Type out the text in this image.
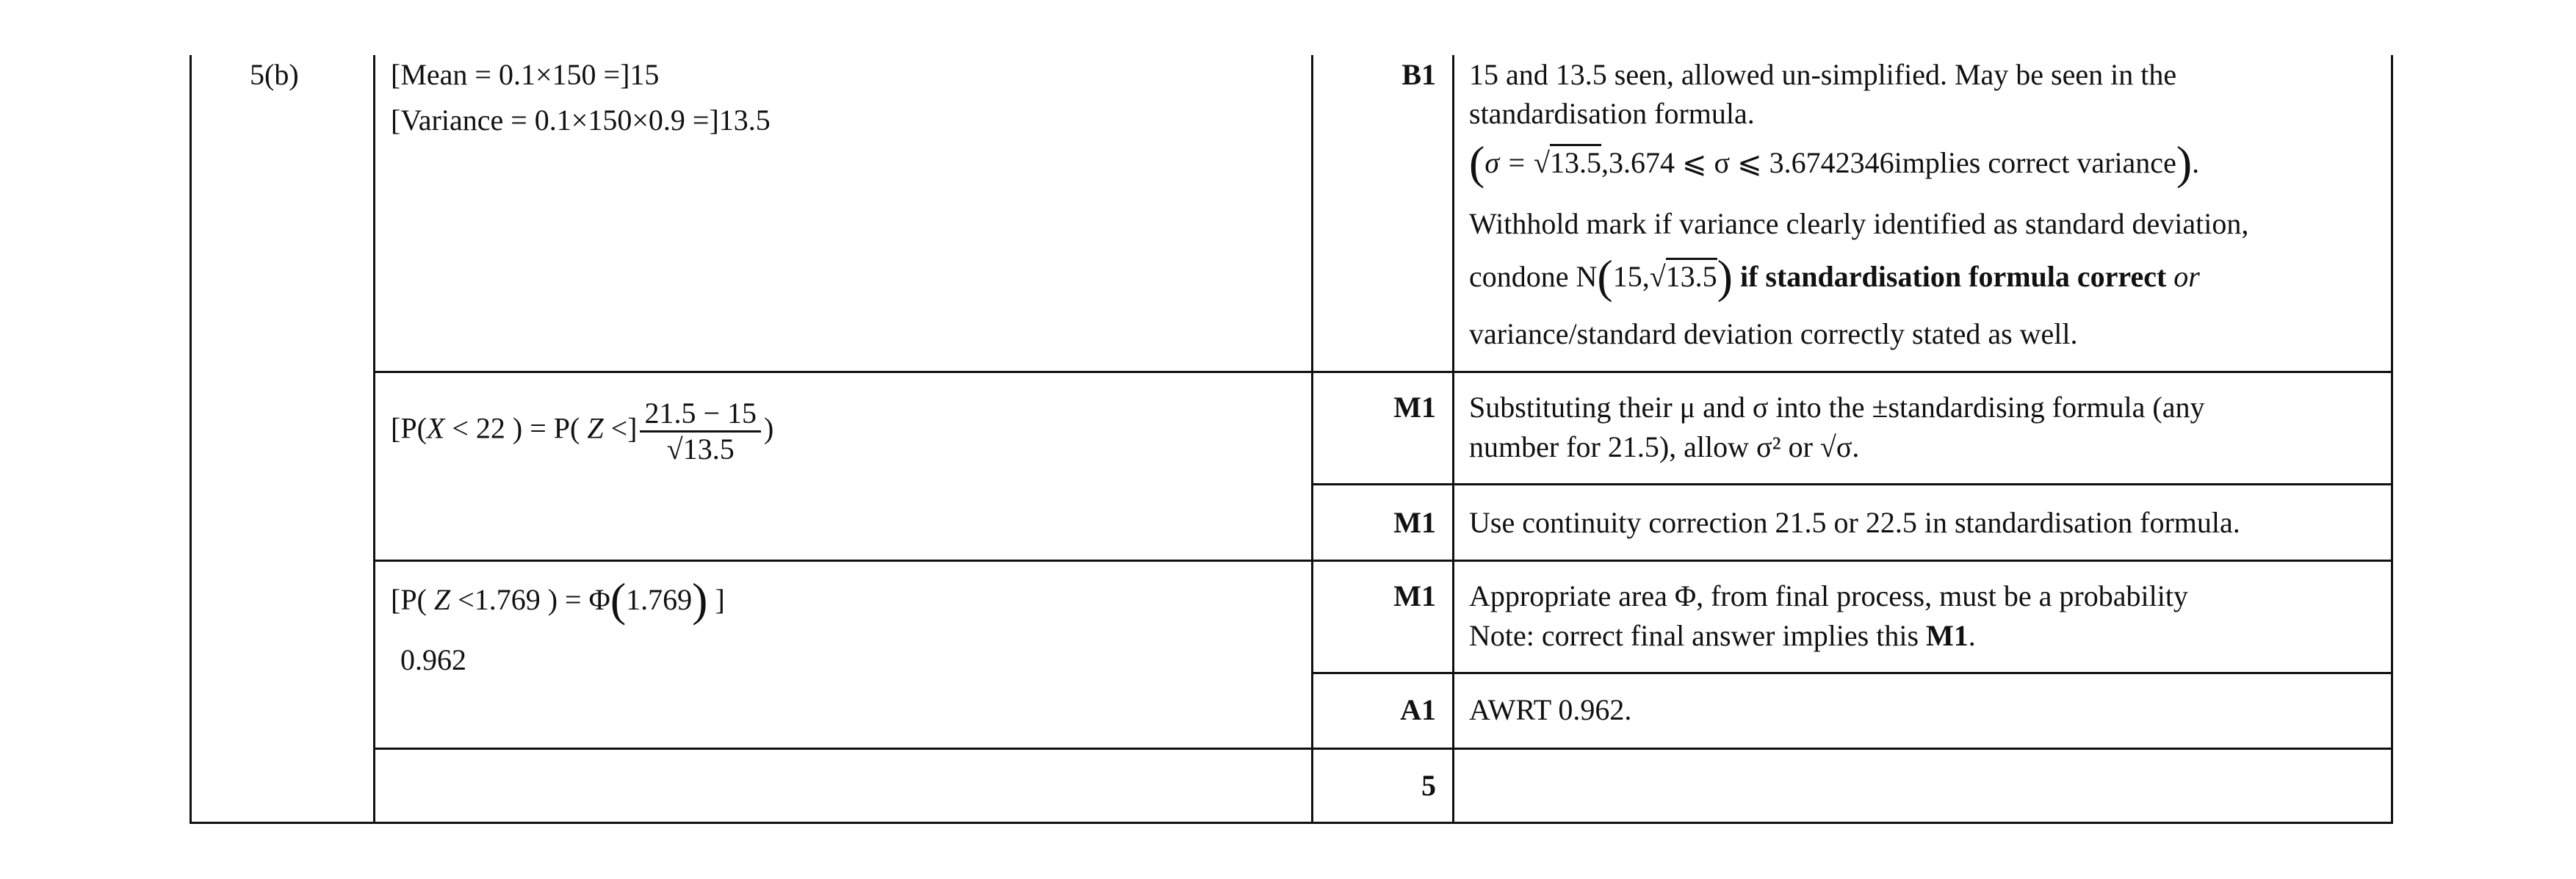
5(b)	[Mean = 0.1×150 =]15
[Variance = 0.1×150×0.9 =]13.5
B1 15 and 13.5 seen, allowed un-simplified. May be seen in the
standardisation formula.
(σ = √13.5,3.674 ⩽ σ ⩽ 3.6742346implies correct variance).
Withhold mark if variance clearly identified as standard deviation,
condone N(15,√13.5) if standardisation formula correct or
variance/standard deviation correctly stated as well.
[P(X < 22 ) = P( Z <] $\frac{21.5 - 15}{√13.5}$ )
M1 Substituting their μ and σ into the ±standardising formula (any
number for 21.5), allow σ² or √σ.
M1 Use continuity correction 21.5 or 22.5 in standardisation formula.
[P( Z <1.769 ) = Φ(1.769) ]
0.962
M1 Appropriate area Φ, from final process, must be a probability
Note: correct final answer implies this M1.
A1 AWRT 0.962.
5
